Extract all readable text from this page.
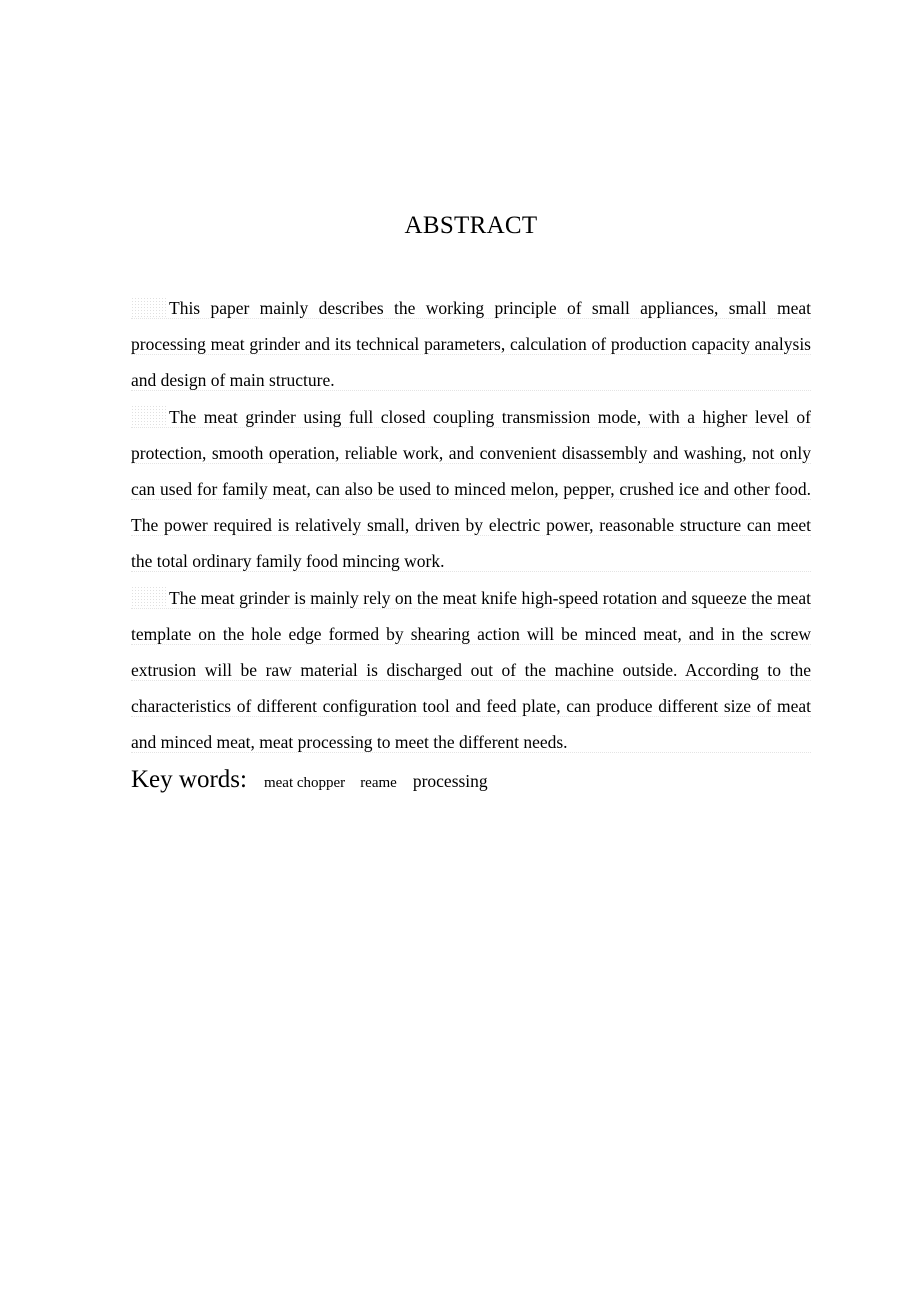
ABSTRACT

This paper mainly describes the working principle of small appliances, small meat processing meat grinder and its technical parameters, calculation of production capacity analysis and design of main structure.

The meat grinder using full closed coupling transmission mode, with a higher level of protection, smooth operation, reliable work, and convenient disassembly and washing, not only can used for family meat, can also be used to minced melon, pepper, crushed ice and other food. The power required is relatively small, driven by electric power, reasonable structure can meet the total ordinary family food mincing work.

The meat grinder is mainly rely on the meat knife high-speed rotation and squeeze the meat template on the hole edge formed by shearing action will be minced meat, and in the screw extrusion will be raw material is discharged out of the machine outside. According to the characteristics of different configuration tool and feed plate, can produce different size of meat and minced meat, meat processing to meet the different needs.

Key words: meat chopper reame processing
